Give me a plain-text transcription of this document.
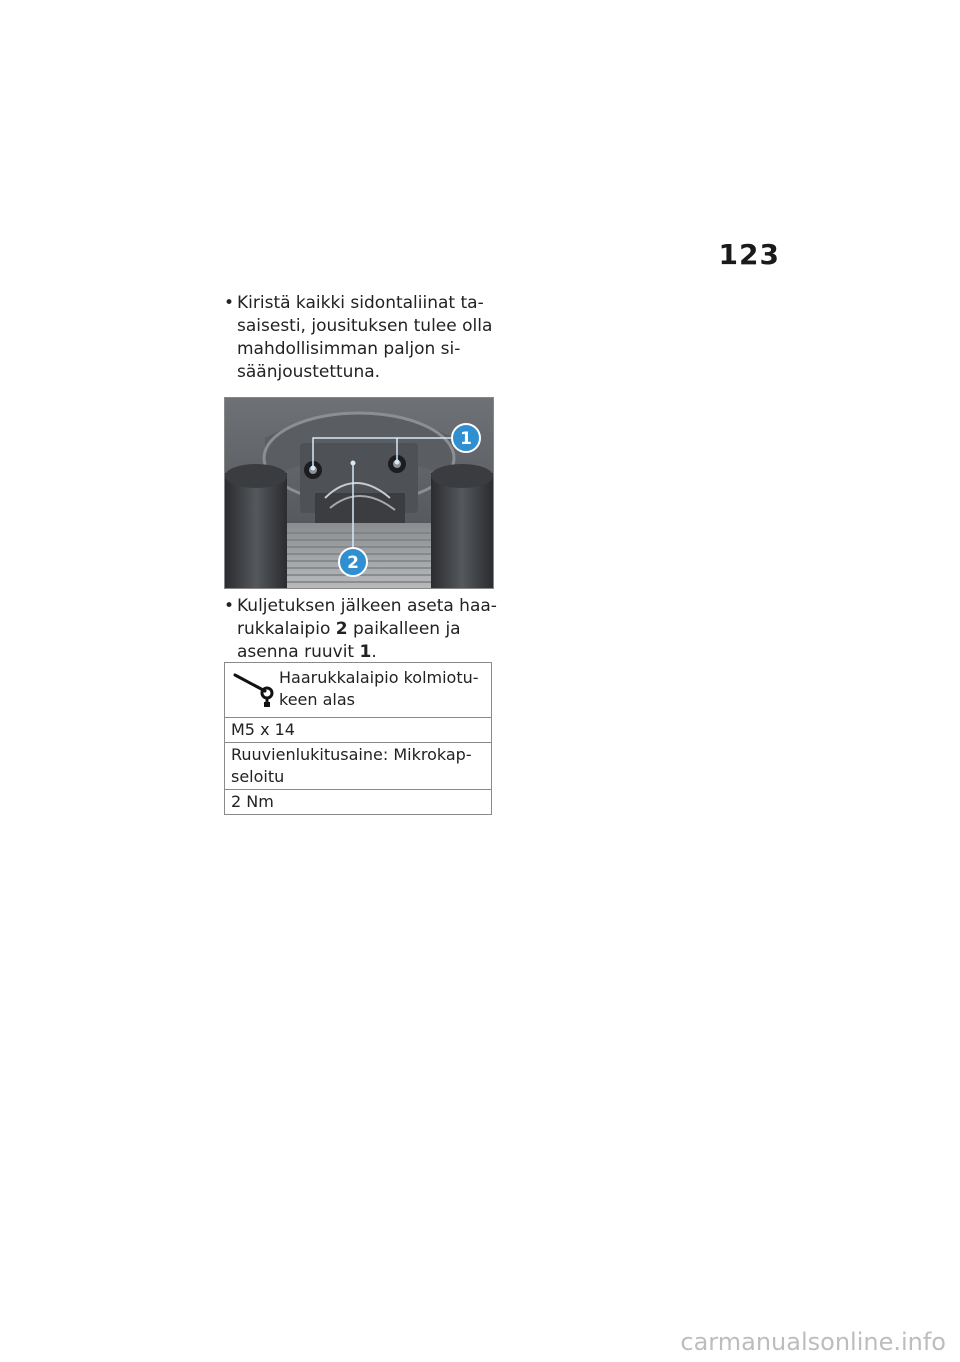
123
• Kiristä kaikki sidontaliinat ta-
saisesti, jousituksen tulee olla
mahdollisimman paljon si-
säänjoustettuna.
1
2
• Kuljetuksen jälkeen aseta haa-
rukkalaipio 2 paikalleen ja
asenna ruuvit 1.
Haarukkalaipio kolmiotu-
keen alas
M5 x 14
Ruuvienlukitusaine: Mikrokap-
seloitu
2 Nm
carmanualsonline.info
